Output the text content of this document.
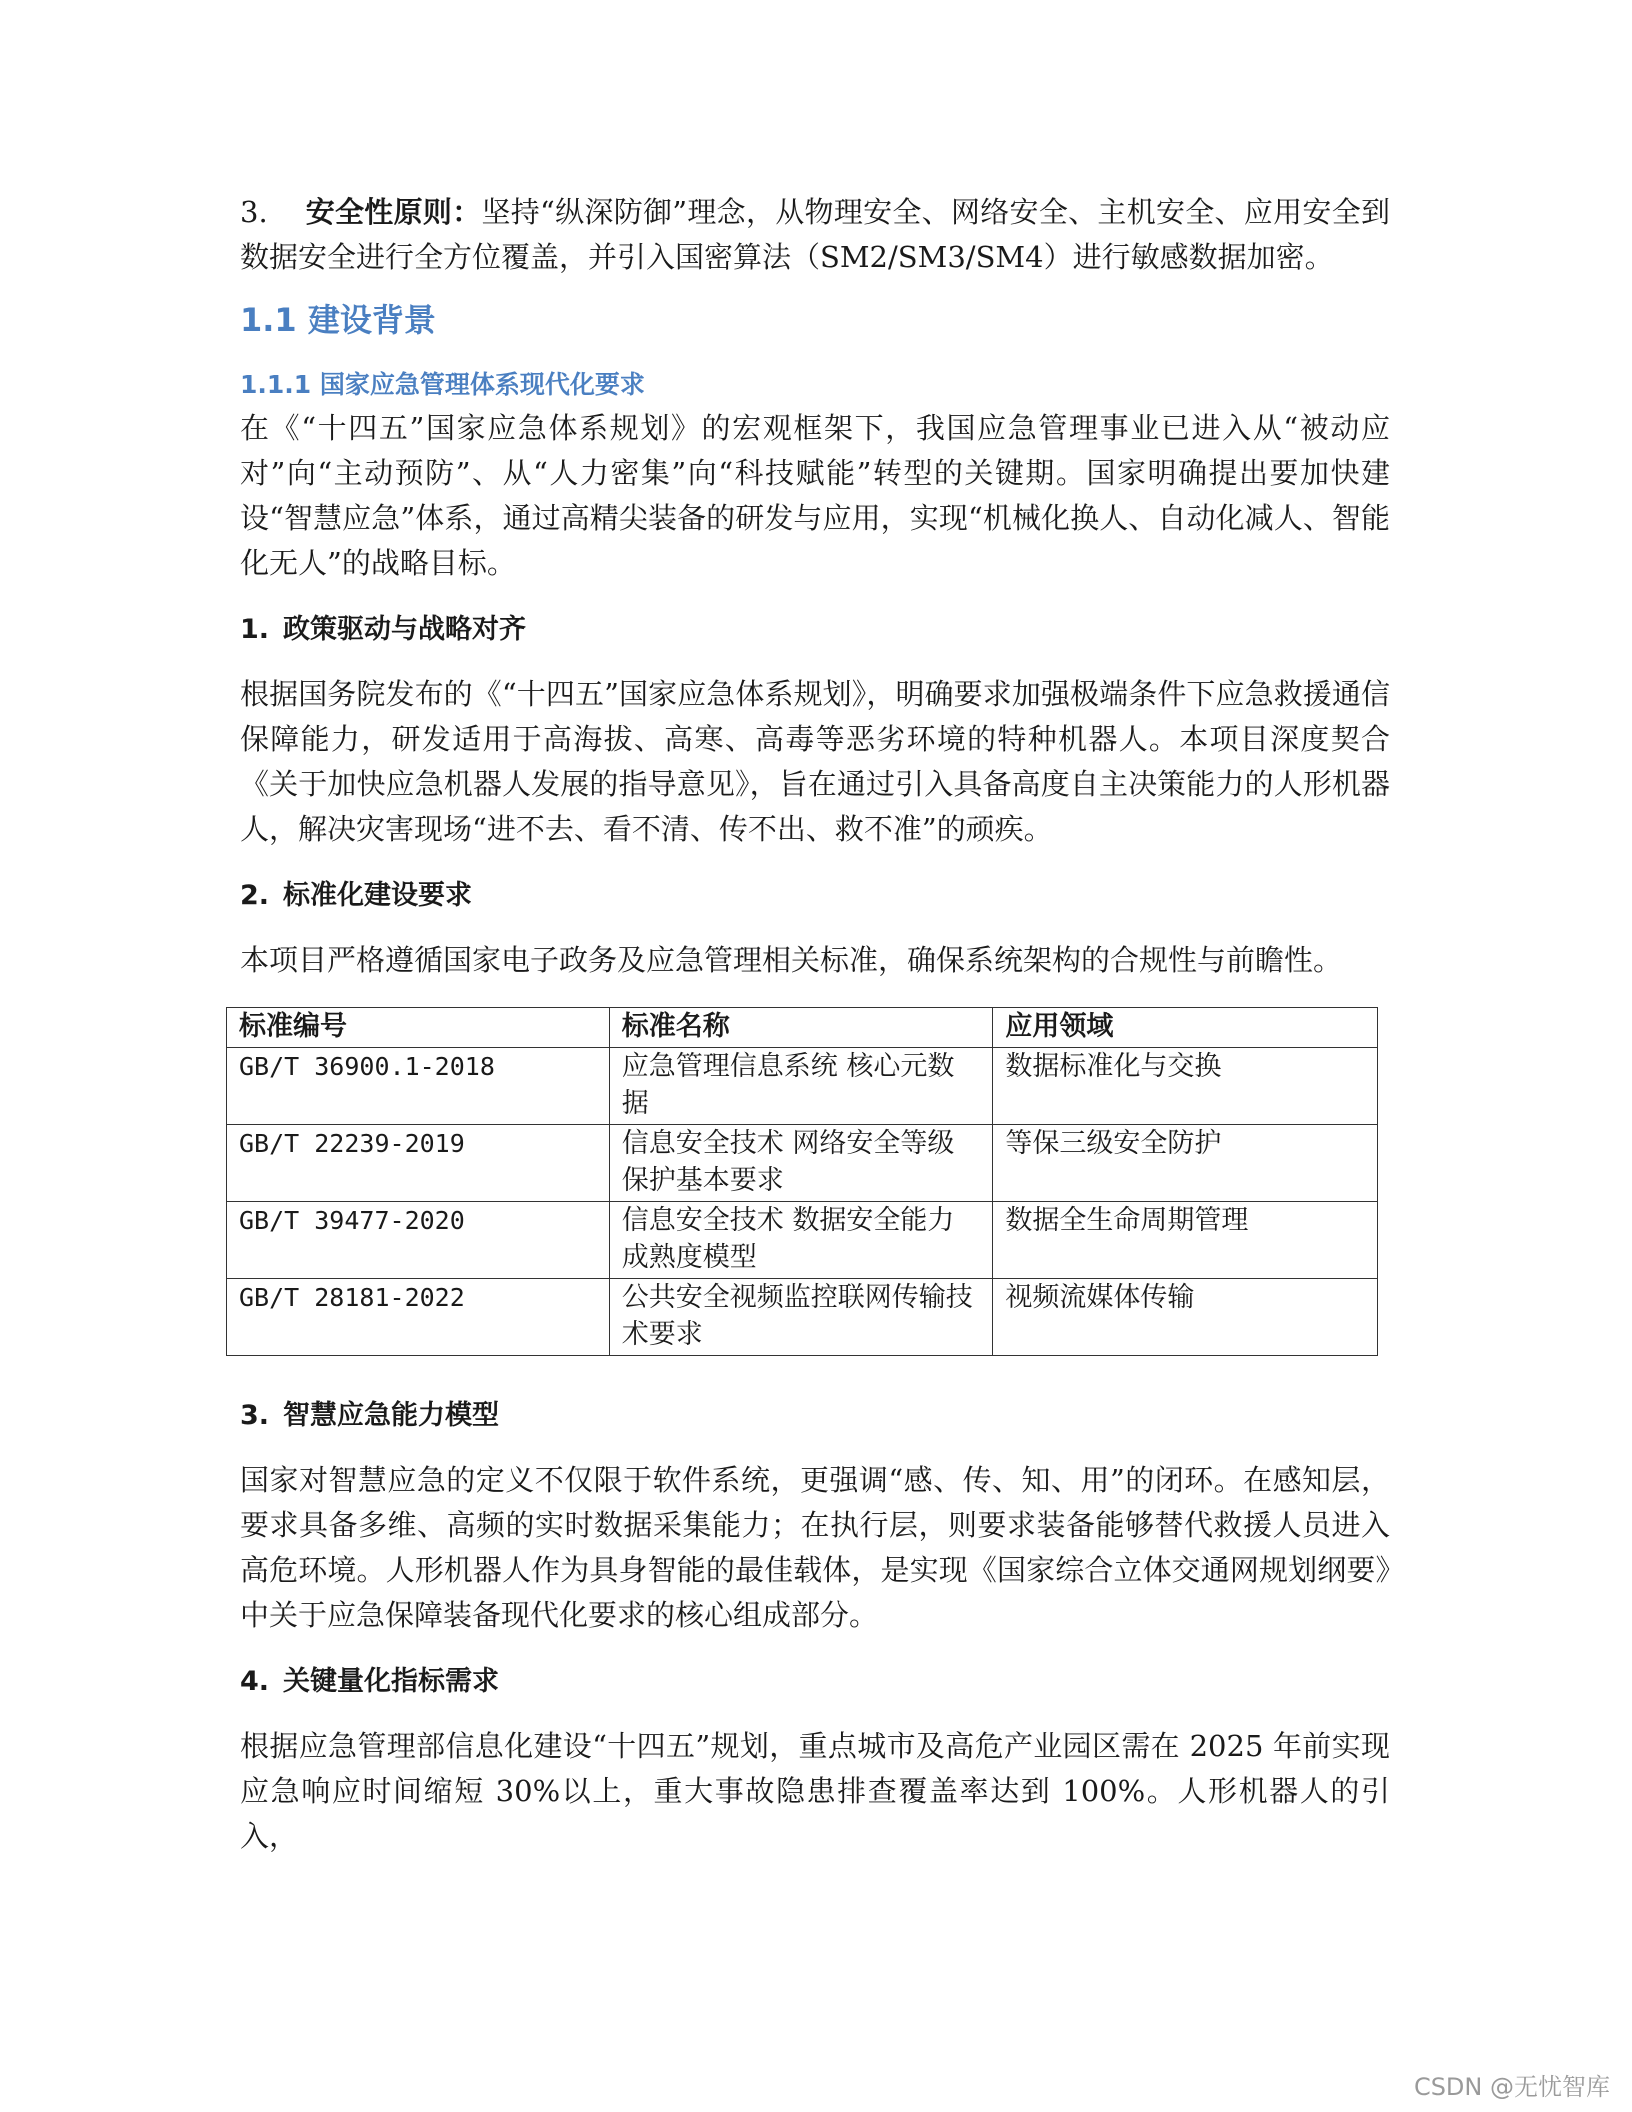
3. 安全性原则：坚持“纵深防御”理念，从物理安全、网络安全、主机安全、应用安全到数据安全进行全方位覆盖，并引入国密算法（SM2/SM3/SM4）进行敏感数据加密。

1.1 建设背景
1.1.1 国家应急管理体系现代化要求

在《“十四五”国家应急体系规划》的宏观框架下，我国应急管理事业已进入从“被动应对”向“主动预防”、从“人力密集”向“科技赋能”转型的关键期。国家明确提出要加快建设“智慧应急”体系，通过高精尖装备的研发与应用，实现“机械化换人、自动化减人、智能化无人”的战略目标。

1. 政策驱动与战略对齐

根据国务院发布的《“十四五”国家应急体系规划》，明确要求加强极端条件下应急救援通信保障能力，研发适用于高海拔、高寒、高毒等恶劣环境的特种机器人。本项目深度契合《关于加快应急机器人发展的指导意见》，旨在通过引入具备高度自主决策能力的人形机器人，解决灾害现场“进不去、看不清、传不出、救不准”的顽疾。

2. 标准化建设要求

本项目严格遵循国家电子政务及应急管理相关标准，确保系统架构的合规性与前瞻性。

标准编号	标准名称	应用领域
GB/T 36900.1-2018	应急管理信息系统 核心元数据	数据标准化与交换
GB/T 22239-2019	信息安全技术 网络安全等级保护基本要求	等保三级安全防护
GB/T 39477-2020	信息安全技术 数据安全能力成熟度模型	数据全生命周期管理
GB/T 28181-2022	公共安全视频监控联网传输技术要求	视频流媒体传输
3. 智慧应急能力模型

国家对智慧应急的定义不仅限于软件系统，更强调“感、传、知、用”的闭环。在感知层，要求具备多维、高频的实时数据采集能力；在执行层，则要求装备能够替代救援人员进入高危环境。人形机器人作为具身智能的最佳载体，是实现《国家综合立体交通网规划纲要》中关于应急保障装备现代化要求的核心组成部分。

4. 关键量化指标需求

根据应急管理部信息化建设“十四五”规划，重点城市及高危产业园区需在 2025 年前实现应急响应时间缩短 30%以上，重大事故隐患排查覆盖率达到 100%。人形机器人的引入，

CSDN @无忧智库
